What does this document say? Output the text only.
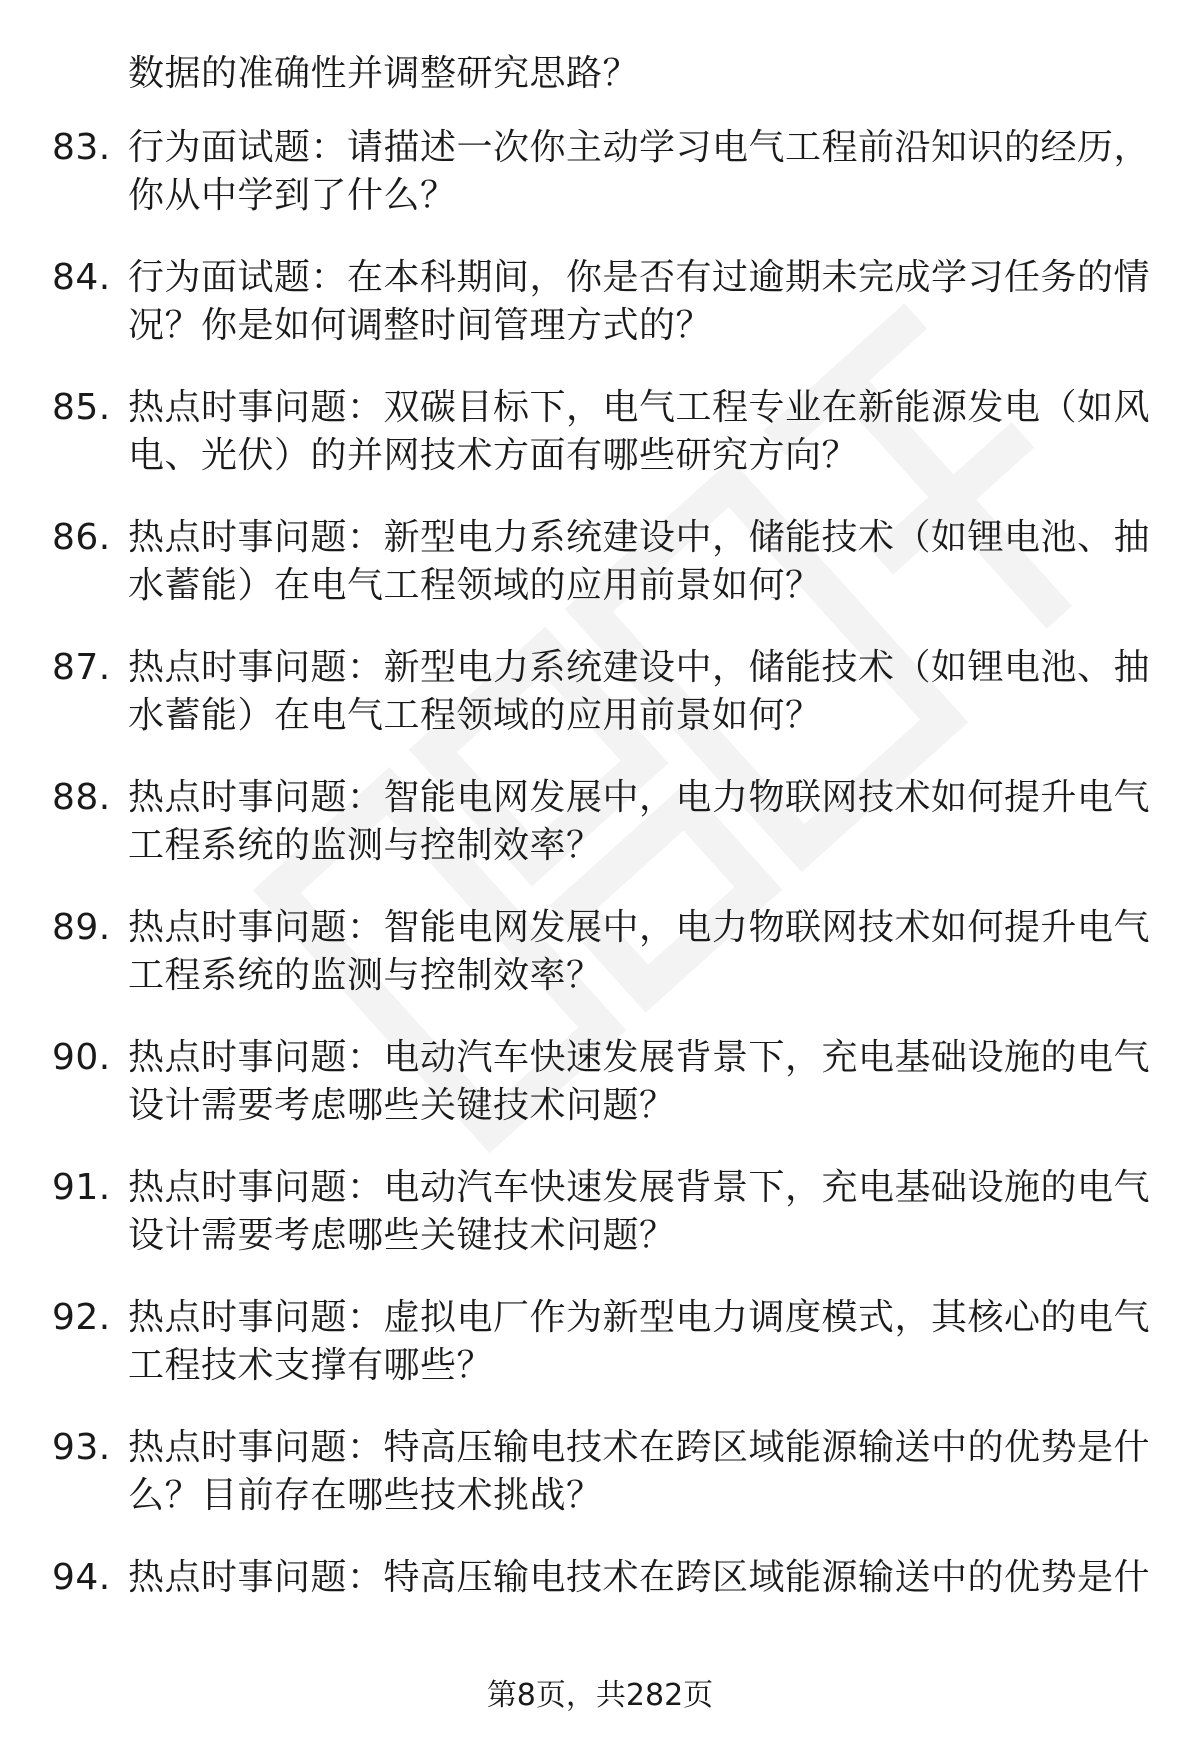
数据的准确性并调整研究思路？
83. 行为面试题：请描述一次你主动学习电气工程前沿知识的经历，
你从中学到了什么？
84. 行为面试题：在本科期间，你是否有过逾期未完成学习任务的情
况？你是如何调整时间管理方式的？
85. 热点时事问题：双碳目标下，电气工程专业在新能源发电（如风
电、光伏）的并网技术方面有哪些研究方向？
86. 热点时事问题：新型电力系统建设中，储能技术（如锂电池、抽
水蓄能）在电气工程领域的应用前景如何？
87. 热点时事问题：新型电力系统建设中，储能技术（如锂电池、抽
水蓄能）在电气工程领域的应用前景如何？
88. 热点时事问题：智能电网发展中，电力物联网技术如何提升电气
工程系统的监测与控制效率？
89. 热点时事问题：智能电网发展中，电力物联网技术如何提升电气
工程系统的监测与控制效率？
90. 热点时事问题：电动汽车快速发展背景下，充电基础设施的电气
设计需要考虑哪些关键技术问题？
91. 热点时事问题：电动汽车快速发展背景下，充电基础设施的电气
设计需要考虑哪些关键技术问题？
92. 热点时事问题：虚拟电厂作为新型电力调度模式，其核心的电气
工程技术支撑有哪些？
93. 热点时事问题：特高压输电技术在跨区域能源输送中的优势是什
么？目前存在哪些技术挑战？
94. 热点时事问题：特高压输电技术在跨区域能源输送中的优势是什
第8页，共282页
